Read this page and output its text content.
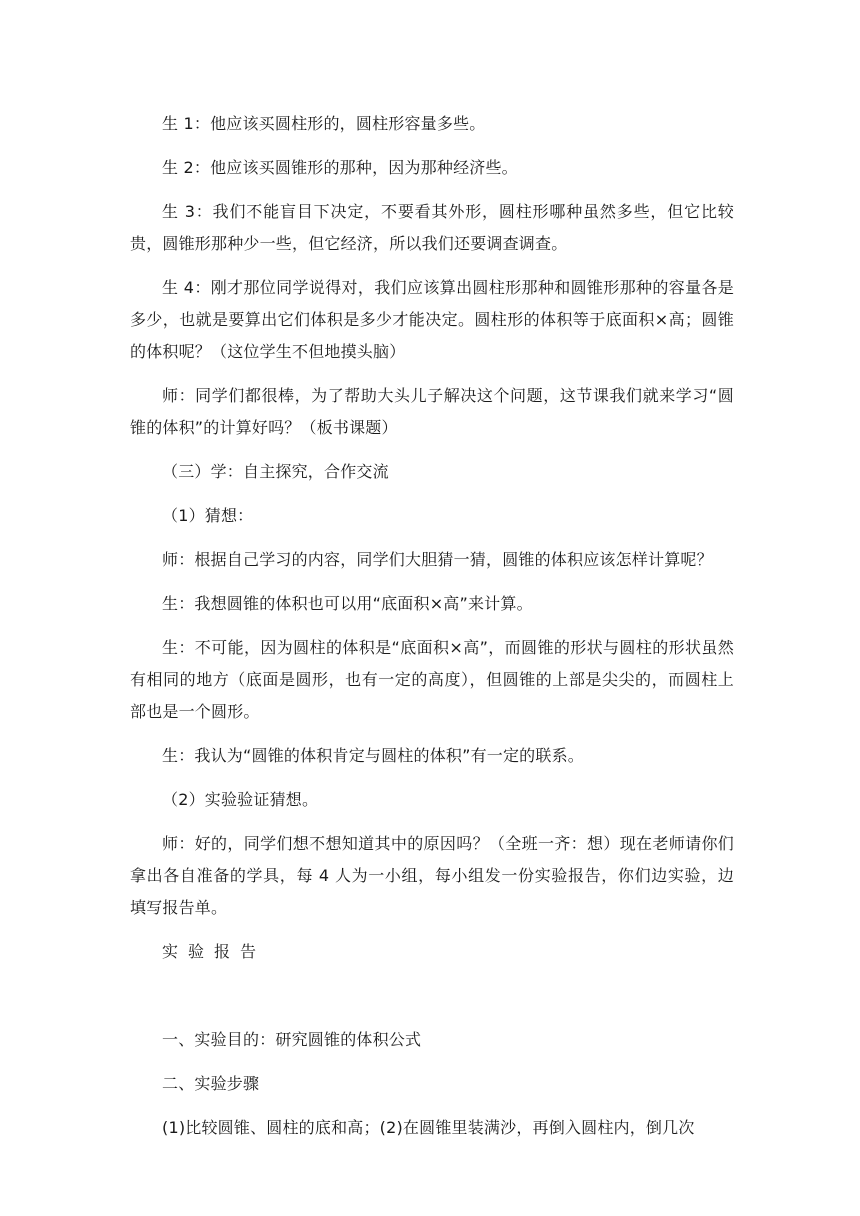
生 1：他应该买圆柱形的，圆柱形容量多些。

生 2：他应该买圆锥形的那种，因为那种经济些。

生 3：我们不能盲目下决定，不要看其外形，圆柱形哪种虽然多些，但它比较贵，圆锥形那种少一些，但它经济，所以我们还要调查调查。

生 4：刚才那位同学说得对，我们应该算出圆柱形那种和圆锥形那种的容量各是多少，也就是要算出它们体积是多少才能决定。圆柱形的体积等于底面积×高；圆锥的体积呢？（这位学生不但地摸头脑）

师：同学们都很棒，为了帮助大头儿子解决这个问题，这节课我们就来学习“圆锥的体积”的计算好吗？（板书课题）

（三）学：自主探究，合作交流

（1）猜想：

师：根据自己学习的内容，同学们大胆猜一猜，圆锥的体积应该怎样计算呢？

生：我想圆锥的体积也可以用“底面积×高”来计算。

生：不可能，因为圆柱的体积是“底面积×高”，而圆锥的形状与圆柱的形状虽然有相同的地方（底面是圆形，也有一定的高度），但圆锥的上部是尖尖的，而圆柱上部也是一个圆形。

生：我认为“圆锥的体积肯定与圆柱的体积”有一定的联系。

（2）实验验证猜想。

师：好的，同学们想不想知道其中的原因吗？（全班一齐：想）现在老师请你们拿出各自准备的学具，每 4 人为一小组，每小组发一份实验报告，你们边实验，边填写报告单。

实验报告

一、实验目的：研究圆锥的体积公式

二、实验步骤

(1)比较圆锥、圆柱的底和高；(2)在圆锥里装满沙，再倒入圆柱内，倒几次
